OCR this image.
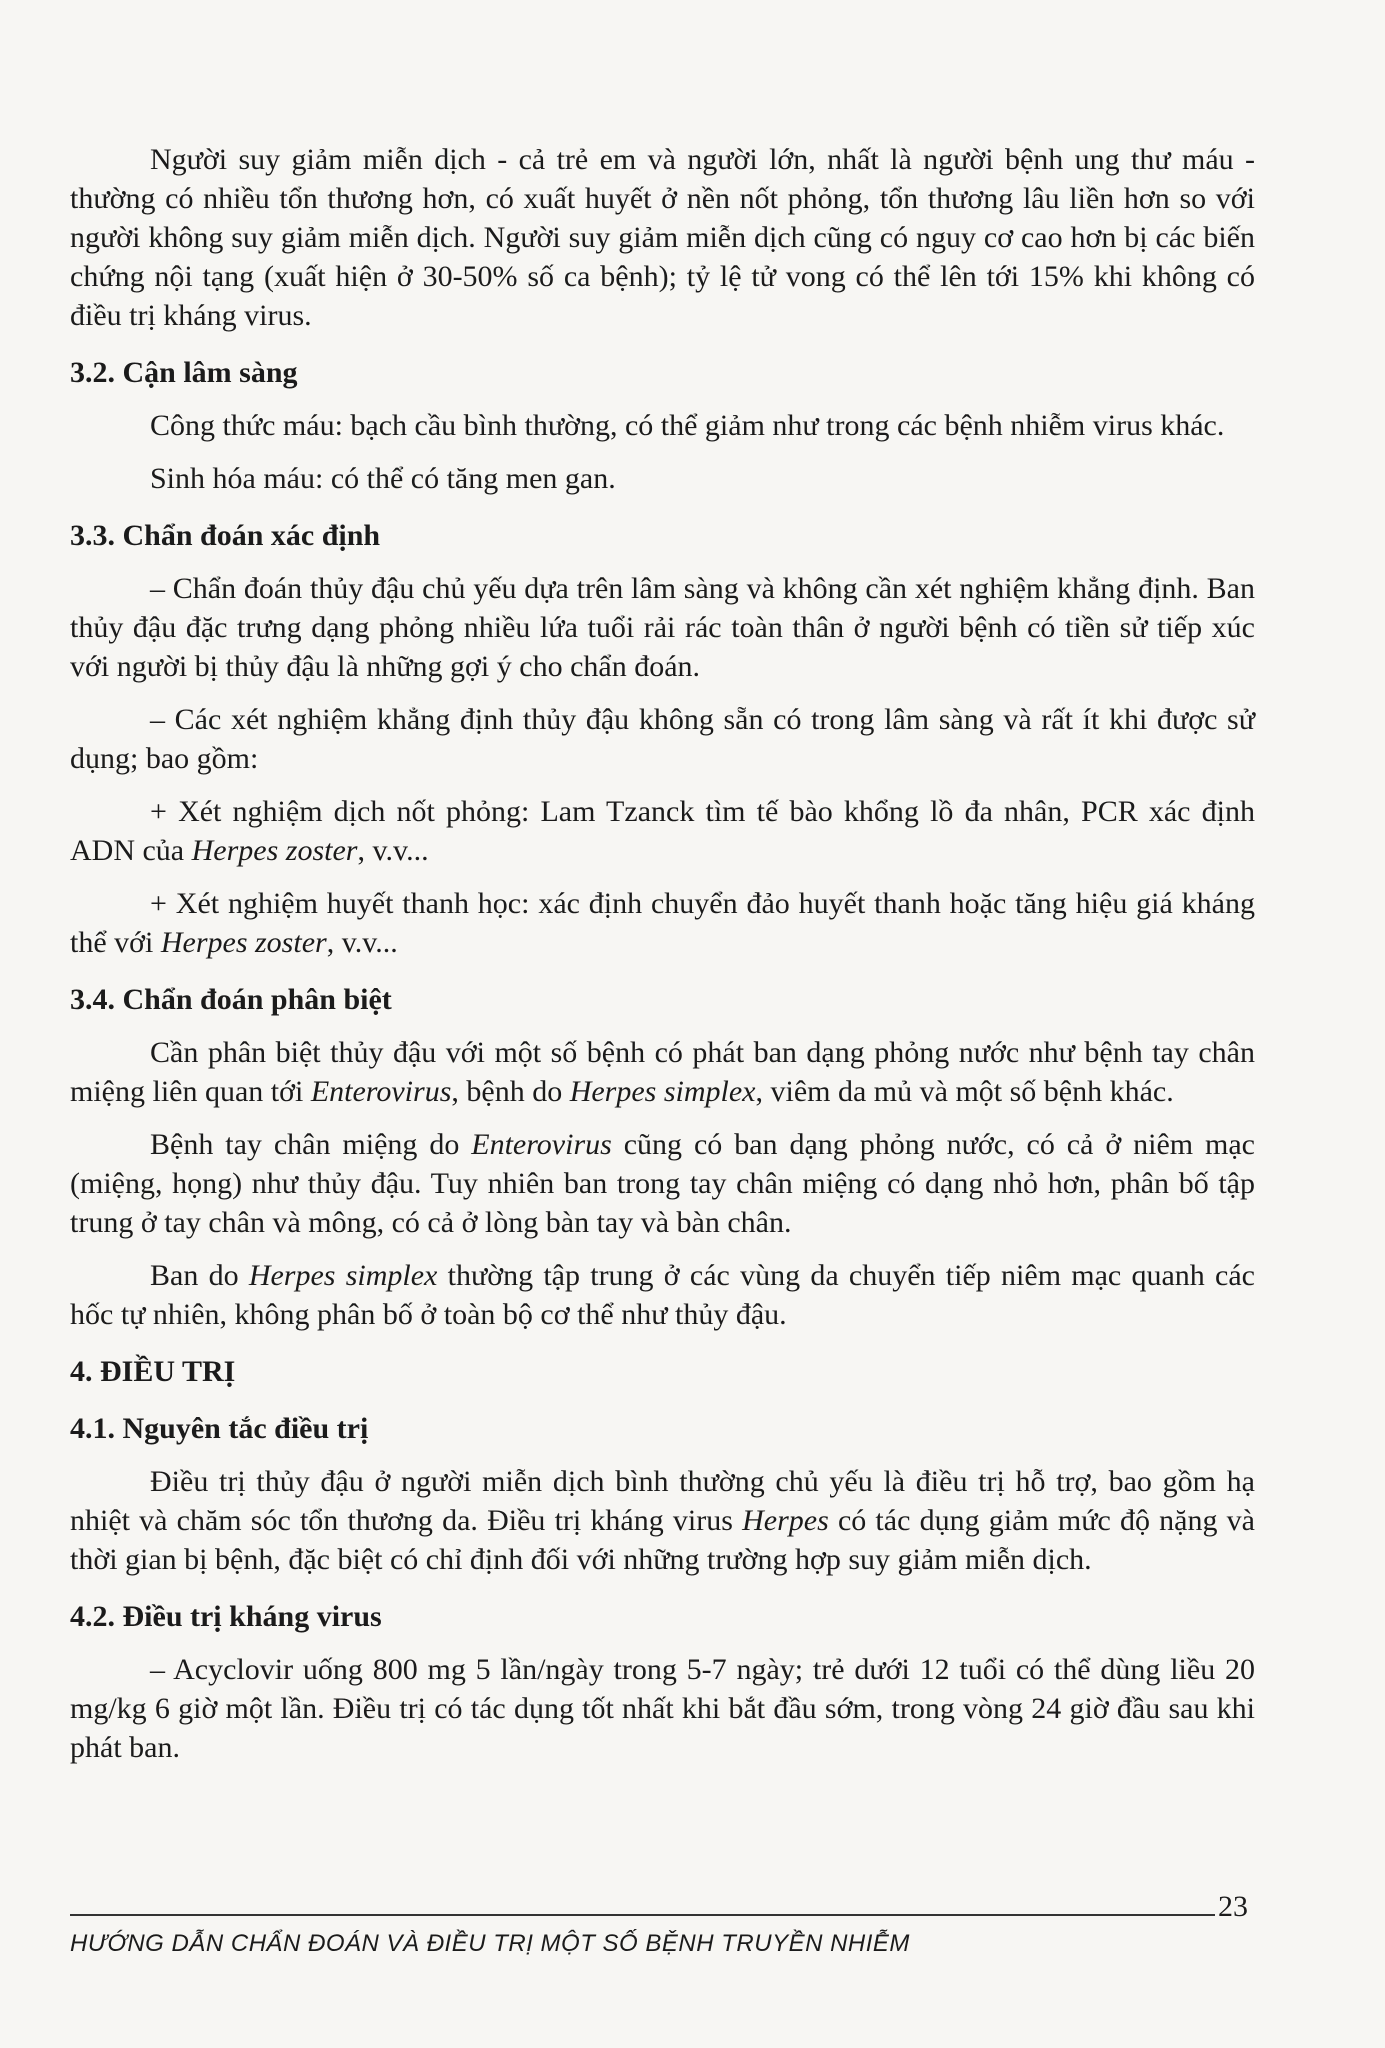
Người suy giảm miễn dịch - cả trẻ em và người lớn, nhất là người bệnh ung thư máu - thường có nhiều tổn thương hơn, có xuất huyết ở nền nốt phỏng, tổn thương lâu liền hơn so với người không suy giảm miễn dịch. Người suy giảm miễn dịch cũng có nguy cơ cao hơn bị các biến chứng nội tạng (xuất hiện ở 30-50% số ca bệnh); tỷ lệ tử vong có thể lên tới 15% khi không có điều trị kháng virus.

3.2. Cận lâm sàng

Công thức máu: bạch cầu bình thường, có thể giảm như trong các bệnh nhiễm virus khác.

Sinh hóa máu: có thể có tăng men gan.

3.3. Chẩn đoán xác định

– Chẩn đoán thủy đậu chủ yếu dựa trên lâm sàng và không cần xét nghiệm khẳng định. Ban thủy đậu đặc trưng dạng phỏng nhiều lứa tuổi rải rác toàn thân ở người bệnh có tiền sử tiếp xúc với người bị thủy đậu là những gợi ý cho chẩn đoán.

– Các xét nghiệm khẳng định thủy đậu không sẵn có trong lâm sàng và rất ít khi được sử dụng; bao gồm:

+ Xét nghiệm dịch nốt phỏng: Lam Tzanck tìm tế bào khổng lồ đa nhân, PCR xác định ADN của Herpes zoster, v.v...

+ Xét nghiệm huyết thanh học: xác định chuyển đảo huyết thanh hoặc tăng hiệu giá kháng thể với Herpes zoster, v.v...

3.4. Chẩn đoán phân biệt

Cần phân biệt thủy đậu với một số bệnh có phát ban dạng phỏng nước như bệnh tay chân miệng liên quan tới Enterovirus, bệnh do Herpes simplex, viêm da mủ và một số bệnh khác.

Bệnh tay chân miệng do Enterovirus cũng có ban dạng phỏng nước, có cả ở niêm mạc (miệng, họng) như thủy đậu. Tuy nhiên ban trong tay chân miệng có dạng nhỏ hơn, phân bố tập trung ở tay chân và mông, có cả ở lòng bàn tay và bàn chân.

Ban do Herpes simplex thường tập trung ở các vùng da chuyển tiếp niêm mạc quanh các hốc tự nhiên, không phân bố ở toàn bộ cơ thể như thủy đậu.

4. ĐIỀU TRỊ
4.1. Nguyên tắc điều trị

Điều trị thủy đậu ở người miễn dịch bình thường chủ yếu là điều trị hỗ trợ, bao gồm hạ nhiệt và chăm sóc tổn thương da. Điều trị kháng virus Herpes có tác dụng giảm mức độ nặng và thời gian bị bệnh, đặc biệt có chỉ định đối với những trường hợp suy giảm miễn dịch.

4.2. Điều trị kháng virus

– Acyclovir uống 800 mg 5 lần/ngày trong 5-7 ngày; trẻ dưới 12 tuổi có thể dùng liều 20 mg/kg 6 giờ một lần. Điều trị có tác dụng tốt nhất khi bắt đầu sớm, trong vòng 24 giờ đầu sau khi phát ban.

23
HƯỚNG DẪN CHẨN ĐOÁN VÀ ĐIỀU TRỊ MỘT SỐ BỆNH TRUYỀN NHIỄM
